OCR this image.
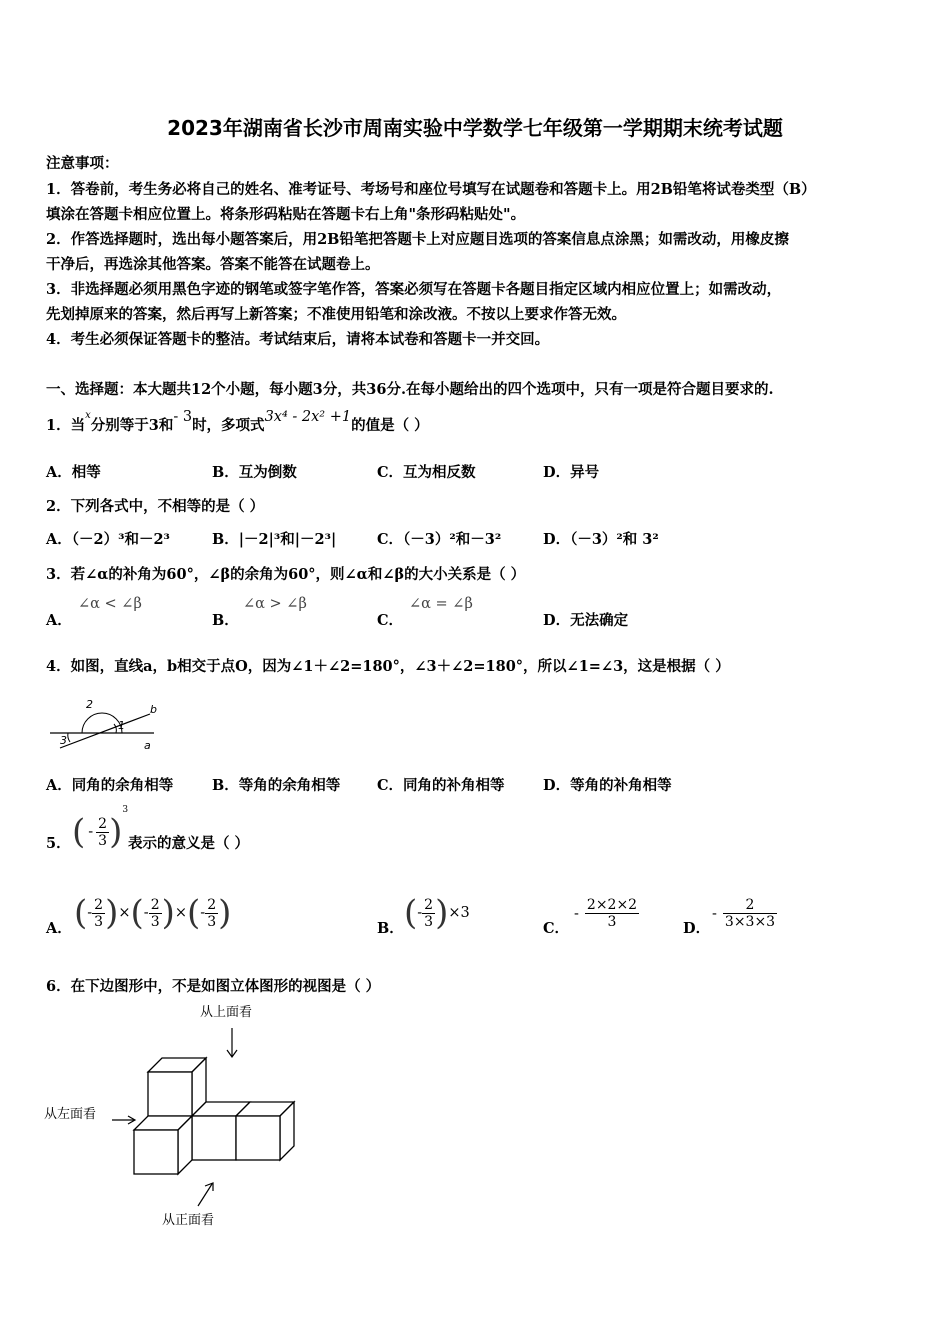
2023年湖南省长沙市周南实验中学数学七年级第一学期期末统考试题
注意事项：
1．答卷前，考生务必将自己的姓名、准考证号、考场号和座位号填写在试题卷和答题卡上。用2B铅笔将试卷类型（B）
填涂在答题卡相应位置上。将条形码粘贴在答题卡右上角"条形码粘贴处"。
2．作答选择题时，选出每小题答案后，用2B铅笔把答题卡上对应题目选项的答案信息点涂黑；如需改动，用橡皮擦
干净后，再选涂其他答案。答案不能答在试题卷上。
3．非选择题必须用黑色字迹的钢笔或签字笔作答，答案必须写在答题卡各题目指定区域内相应位置上；如需改动，
先划掉原来的答案，然后再写上新答案；不准使用铅笔和涂改液。不按以上要求作答无效。
4．考生必须保证答题卡的整洁。考试结束后，请将本试卷和答题卡一并交回。
一、选择题：本大题共12个小题，每小题3分，共36分.在每小题给出的四个选项中，只有一项是符合题目要求的.
1．当$^x$分别等于3和- 3时，多项式3x⁴ - 2x² +1的值是（ ）
A．相等	B．互为倒数	C．互为相反数	D．异号
2．下列各式中，不相等的是（ ）
A．（－2）³和－2³	B．|－2|³和|－2³|	C．（－3）²和－3²	D．（－3）²和 3²
3．若∠α的补角为60°，∠β的余角为60°，则∠α和∠β的大小关系是（ ）
A．
∠α < ∠β
B．
∠α > ∠β
C．
∠α = ∠β
D．无法确定
4．如图，直线a，b相交于点O，因为∠1＋∠2=180°，∠3＋∠2=180°，所以∠1=∠3，这是根据（ ）
2
1
3
b
a
A．同角的余角相等	B．等角的余角相等	C．同角的补角相等	D．等角的补角相等
5． ( - $\frac{2}{3} )^3$
表示的意义是（ ）
A． (- $\frac{2}{3}$ )×(- $\frac{2}{3}$ )×(- $\frac{2}{3}$ )	B． (- $\frac{2}{3} )\times 3$
C．
- $\frac{2\times 2\times 2}{3}$	D．
- $\frac{2}{3\times 3\times 3}$
6．在下边图形中，不是如图立体图形的视图是（ ）
从上面看
从左面看
从正面看
